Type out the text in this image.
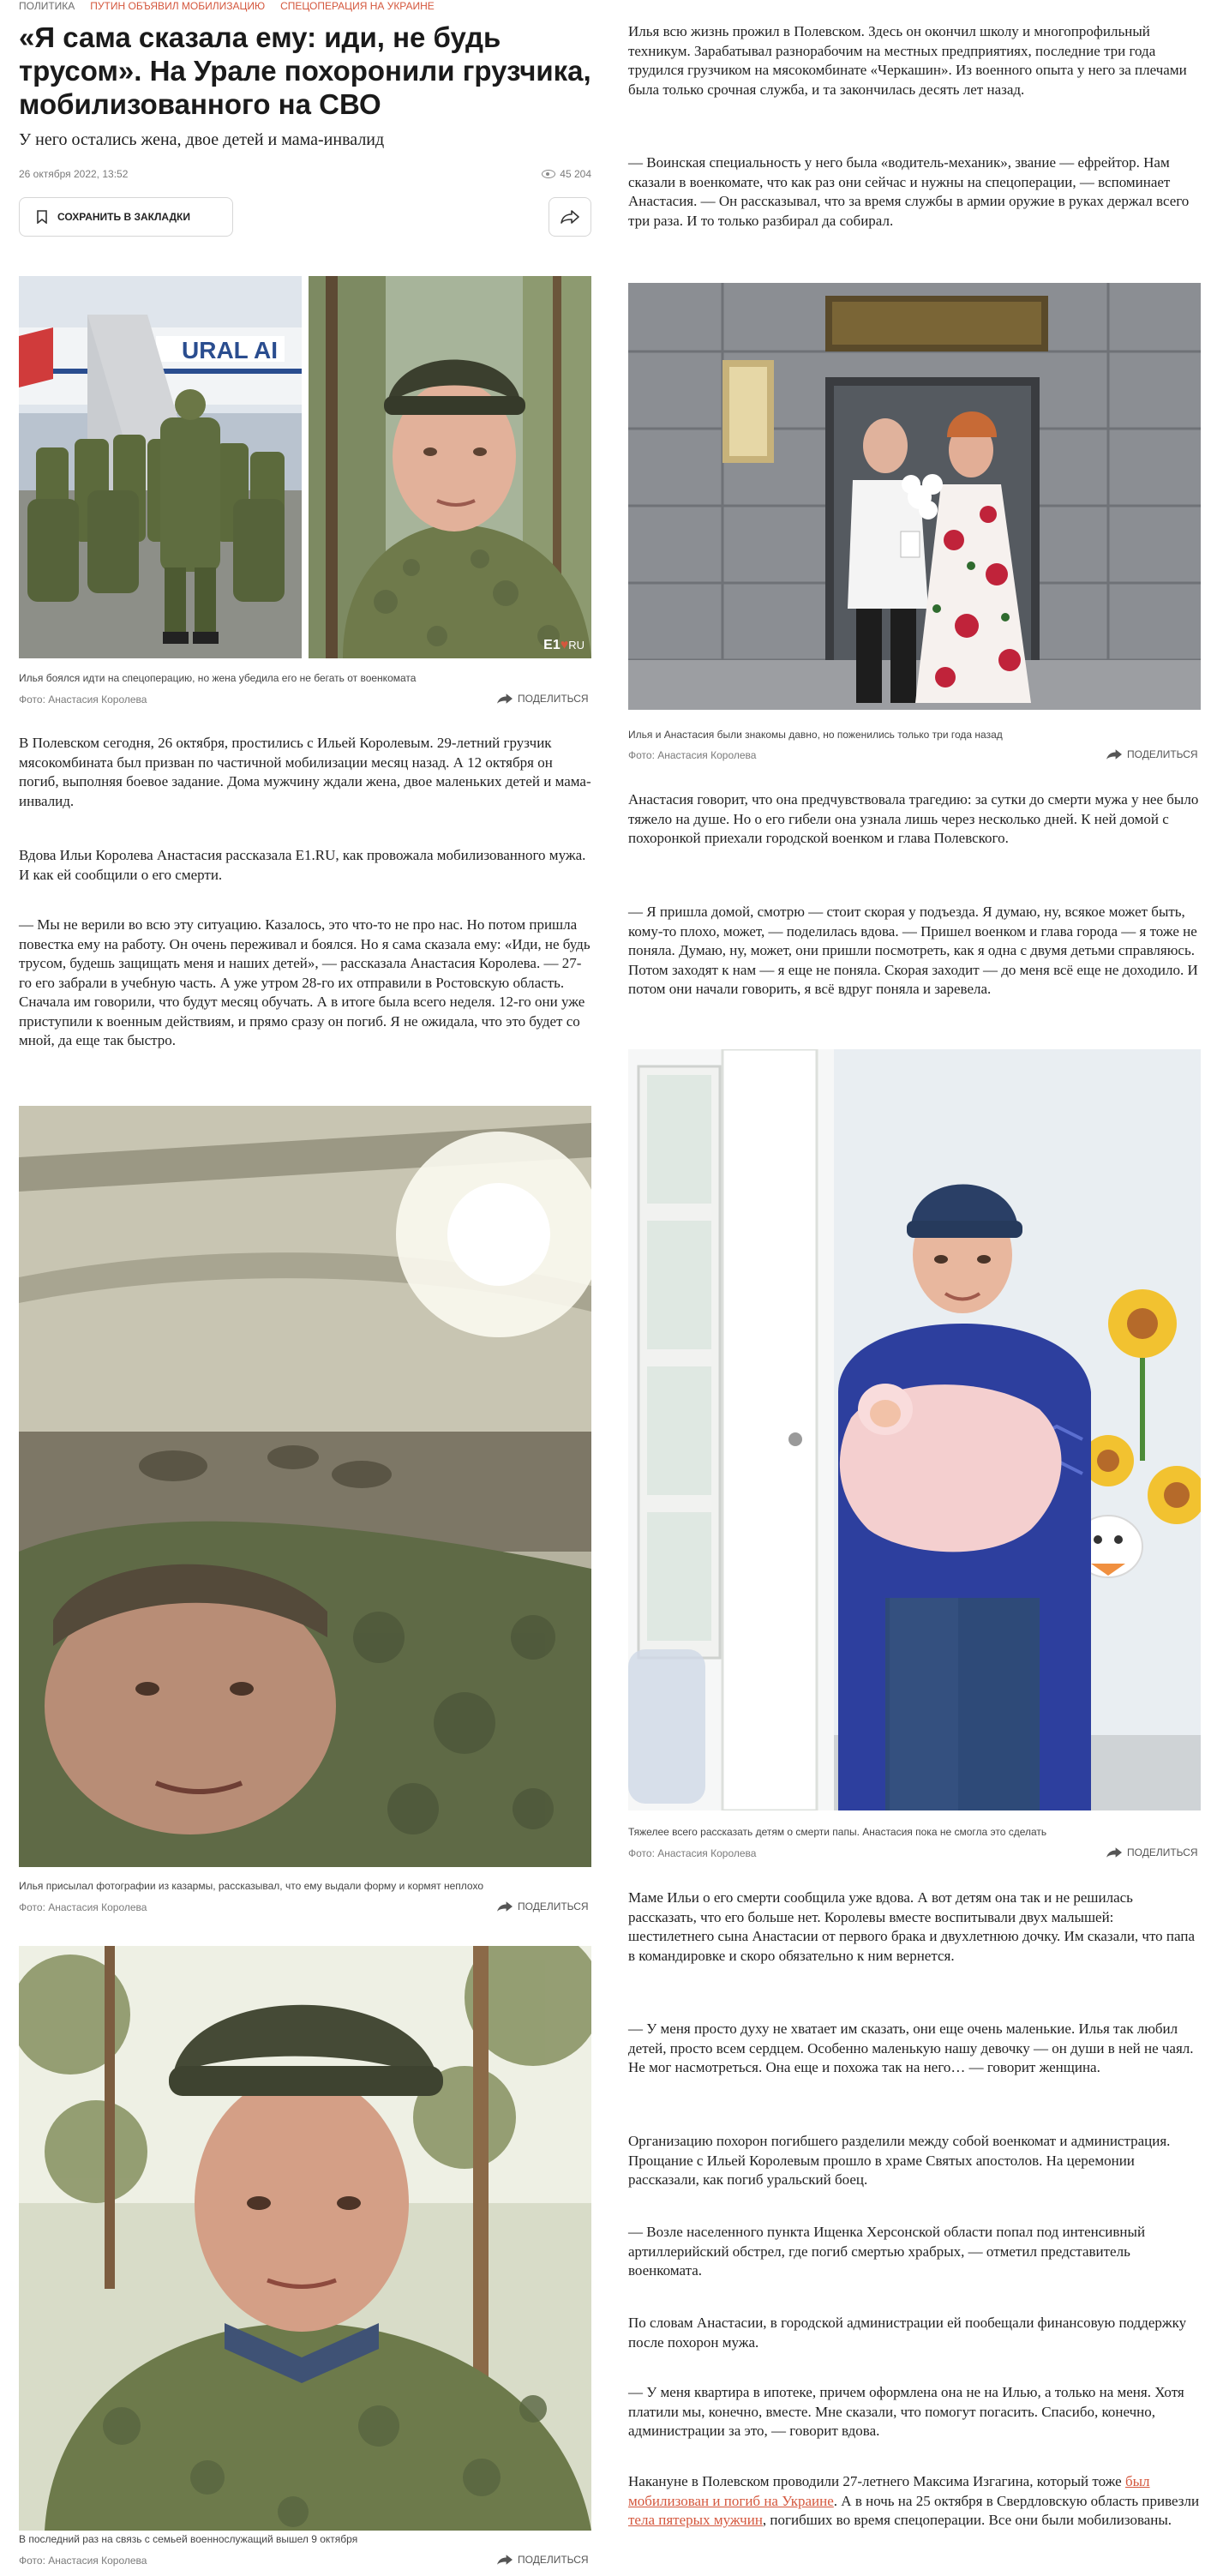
ПОЛИТИКА ПУТИН ОБЪЯВИЛ МОБИЛИЗАЦИЮ СПЕЦОПЕРАЦИЯ НА УКРАИНЕ
«Я сама сказала ему: иди, не будь трусом». На Урале похоронили грузчика, мобилизованного на СВО

У него остались жена, двое детей и мама-инвалид

26 октября 2022, 13:52	45 204
СОХРАНИТЬ В ЗАКЛАДКИ
URAL AI
E1♥RU

Илья боялся идти на спецоперацию, но жена убедила его не бегать от военкомата

Фото: Анастасия Королева	ПОДЕЛИТЬСЯ

В Полевском сегодня, 26 октября, простились с Ильей Королевым. 29-летний грузчик мясокомбината был призван по частичной мобилизации месяц назад. А 12 октября он погиб, выполняя боевое задание. Дома мужчину ждали жена, двое маленьких детей и мама-инвалид.

Вдова Ильи Королева Анастасия рассказала E1.RU, как провожала мобилизованного мужа. И как ей сообщили о его смерти.

— Мы не верили во всю эту ситуацию. Казалось, это что-то не про нас. Но потом пришла повестка ему на работу. Он очень переживал и боялся. Но я сама сказала ему: «Иди, не будь трусом, будешь защищать меня и наших детей», — рассказала Анастасия Королева. — 27-го его забрали в учебную часть. А уже утром 28-го их отправили в Ростовскую область. Сначала им говорили, что будут месяц обучать. А в итоге была всего неделя. 12-го они уже приступили к военным действиям, и прямо сразу он погиб. Я не ожидала, что это будет со мной, да еще так быстро.

Илья присылал фотографии из казармы, рассказывал, что ему выдали форму и кормят неплохо

Фото: Анастасия Королева	ПОДЕЛИТЬСЯ

В последний раз на связь с семьей военнослужащий вышел 9 октября

Фото: Анастасия Королева	ПОДЕЛИТЬСЯ

Илья всю жизнь прожил в Полевском. Здесь он окончил школу и многопрофильный техникум. Зарабатывал разнорабочим на местных предприятиях, последние три года трудился грузчиком на мясокомбинате «Черкашин». Из военного опыта у него за плечами была только срочная служба, и та закончилась десять лет назад.

— Воинская специальность у него была «водитель-механик», звание — ефрейтор. Нам сказали в военкомате, что как раз они сейчас и нужны на спецоперации, — вспоминает Анастасия. — Он рассказывал, что за время службы в армии оружие в руках держал всего три раза. И то только разбирал да собирал.

Илья и Анастасия были знакомы давно, но поженились только три года назад

Фото: Анастасия Королева	ПОДЕЛИТЬСЯ

Анастасия говорит, что она предчувствовала трагедию: за сутки до смерти мужа у нее было тяжело на душе. Но о его гибели она узнала лишь через несколько дней. К ней домой с похоронкой приехали городской военком и глава Полевского.

— Я пришла домой, смотрю — стоит скорая у подъезда. Я думаю, ну, всякое может быть, кому-то плохо, может, — поделилась вдова. — Пришел военком и глава города — я тоже не поняла. Думаю, ну, может, они пришли посмотреть, как я одна с двумя детьми справляюсь. Потом заходят к нам — я еще не поняла. Скорая заходит — до меня всё еще не доходило. И потом они начали говорить, я всё вдруг поняла и заревела.

Тяжелее всего рассказать детям о смерти папы. Анастасия пока не смогла это сделать

Фото: Анастасия Королева	ПОДЕЛИТЬСЯ

Маме Ильи о его смерти сообщила уже вдова. А вот детям она так и не решилась рассказать, что его больше нет. Королевы вместе воспитывали двух малышей: шестилетнего сына Анастасии от первого брака и двухлетнюю дочку. Им сказали, что папа в командировке и скоро обязательно к ним вернется.

— У меня просто духу не хватает им сказать, они еще очень маленькие. Илья так любил детей, просто всем сердцем. Особенно маленькую нашу девочку — он души в ней не чаял. Не мог насмотреться. Она еще и похожа так на него… — говорит женщина.

Организацию похорон погибшего разделили между собой военкомат и администрация. Прощание с Ильей Королевым прошло в храме Святых апостолов. На церемонии рассказали, как погиб уральский боец.

— Возле населенного пункта Ищенка Херсонской области попал под интенсивный артиллерийский обстрел, где погиб смертью храбрых, — отметил представитель военкомата.

По словам Анастасии, в городской администрации ей пообещали финансовую поддержку после похорон мужа.

— У меня квартира в ипотеке, причем оформлена она не на Илью, а только на меня. Хотя платили мы, конечно, вместе. Мне сказали, что помогут погасить. Спасибо, конечно, администрации за это, — говорит вдова.

Накануне в Полевском проводили 27-летнего Максима Изгагина, который тоже был мобилизован и погиб на Украине. А в ночь на 25 октября в Свердловскую область привезли тела пятерых мужчин, погибших во время спецоперации. Все они были мобилизованы.
